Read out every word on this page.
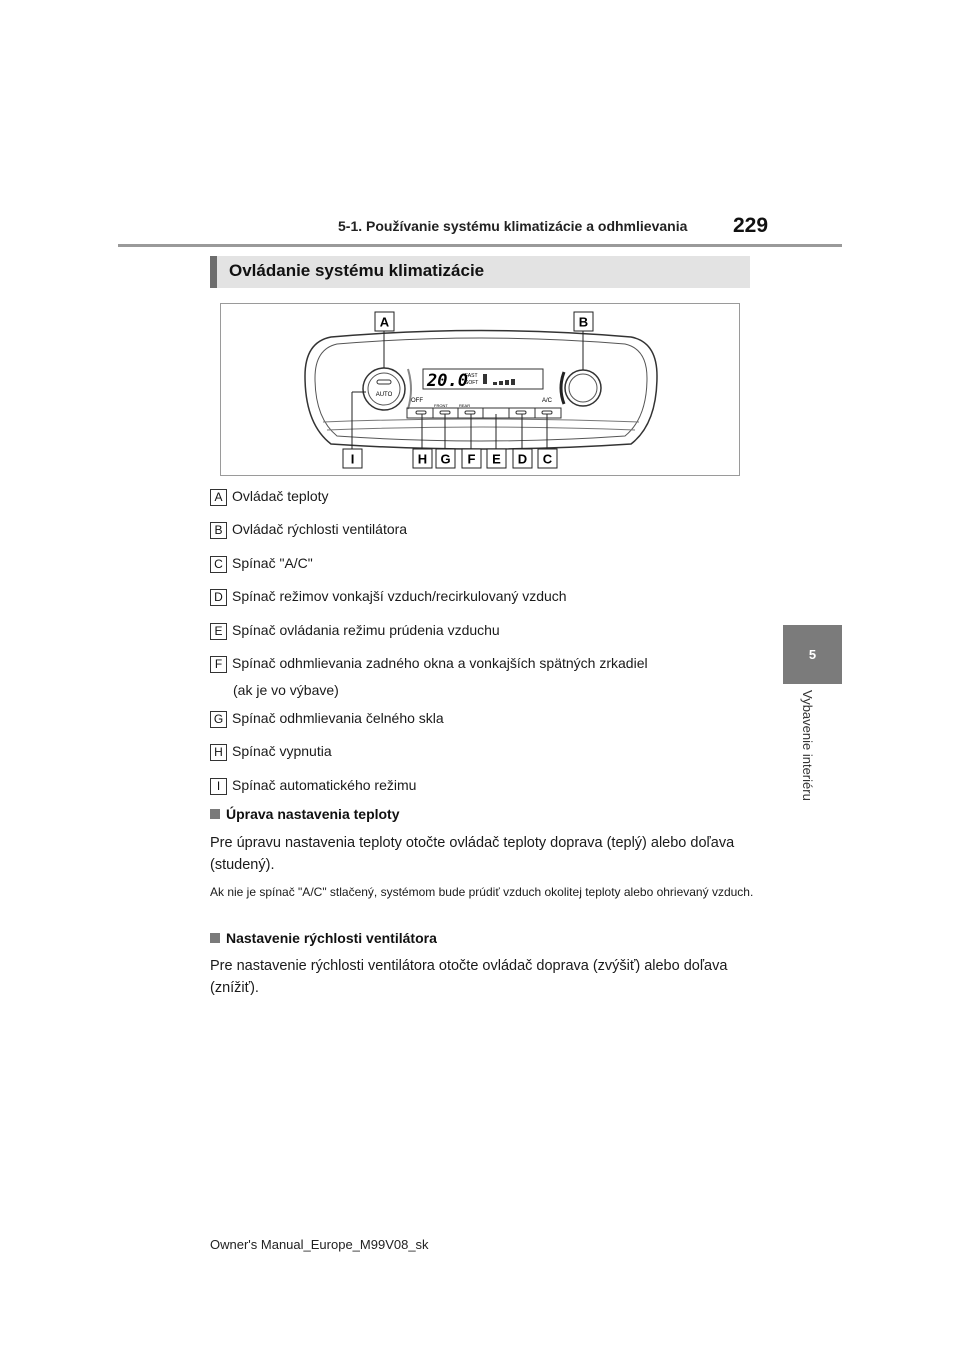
5-1. Používanie systému klimatizácie a odhmlievania 229
5
Vybavenie interiéru
Ovládanie systému klimatizácie
AUTO
20.0
FAST
SOFT
OFF
FRONT	REAR
A/C
A	B
I	H G F E D C
A Ovládač teploty
B Ovládač rýchlosti ventilátora
C Spínač "A/C"
D Spínač režimov vonkajší vzduch/recirkulovaný vzduch
E Spínač ovládania režimu prúdenia vzduchu
F Spínač odhmlievania zadného okna a vonkajších spätných zrkadiel
(ak je vo výbave)
G Spínač odhmlievania čelného skla
H Spínač vypnutia
I Spínač automatického režimu
Úprava nastavenia teploty
Pre úpravu nastavenia teploty otočte ovládač teploty doprava (teplý) alebo doľava (studený).
Ak nie je spínač "A/C" stlačený, systémom bude prúdiť vzduch okolitej teploty alebo ohrievaný vzduch.
Nastavenie rýchlosti ventilátora
Pre nastavenie rýchlosti ventilátora otočte ovládač doprava (zvýšiť) alebo doľava (znížiť).
Owner's Manual_Europe_M99V08_sk
